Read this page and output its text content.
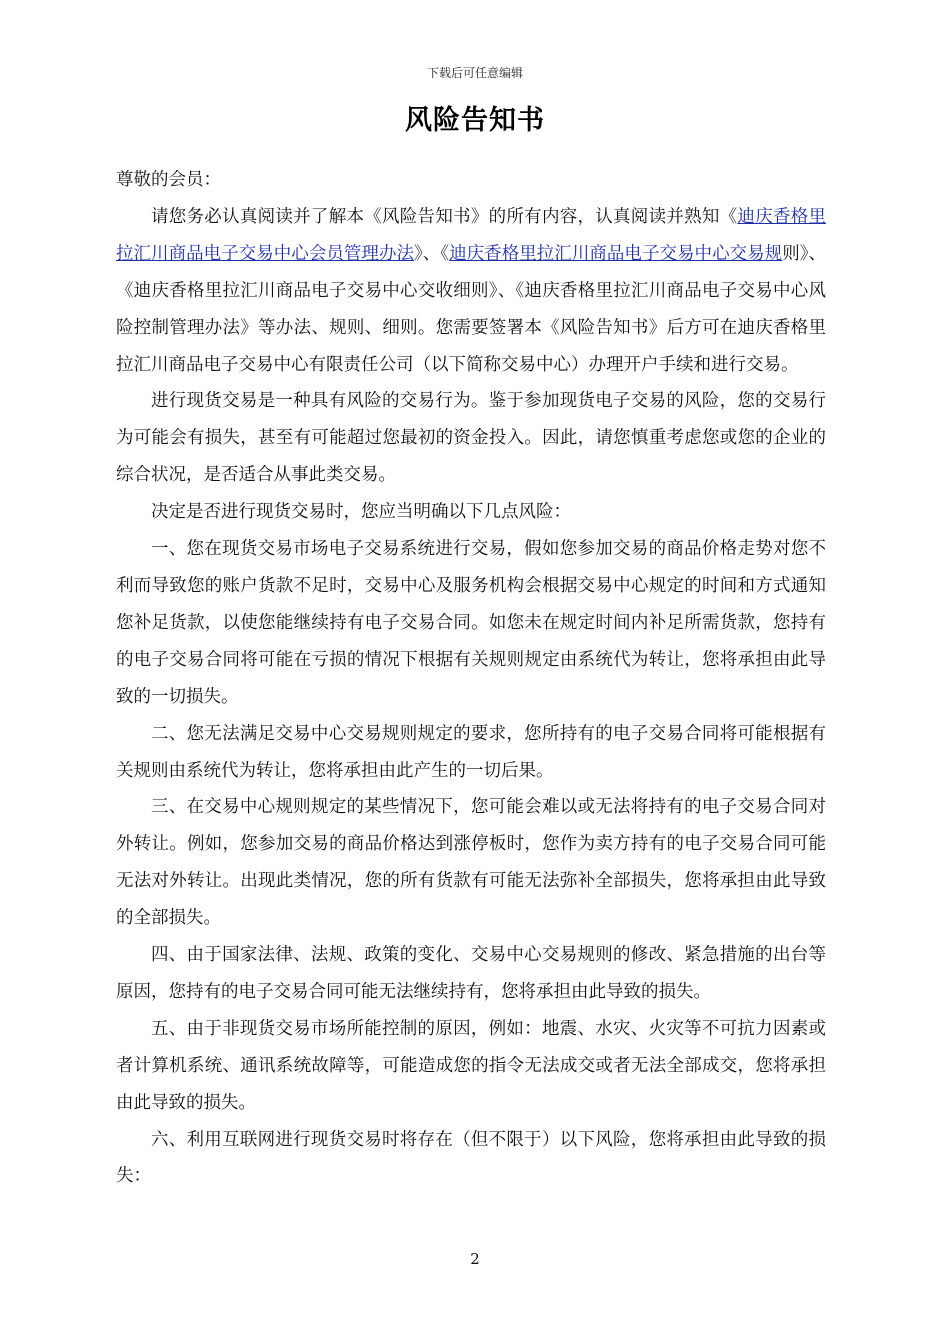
下载后可任意编辑
风险告知书

尊敬的会员：

请您务必认真阅读并了解本《风险告知书》的所有内容，认真阅读并熟知《迪庆香格里拉汇川商品电子交易中心会员管理办法》、《迪庆香格里拉汇川商品电子交易中心交易规则》、《迪庆香格里拉汇川商品电子交易中心交收细则》、《迪庆香格里拉汇川商品电子交易中心风险控制管理办法》等办法、规则、细则。您需要签署本《风险告知书》后方可在迪庆香格里拉汇川商品电子交易中心有限责任公司（以下简称交易中心）办理开户手续和进行交易。

进行现货交易是一种具有风险的交易行为。鉴于参加现货电子交易的风险，您的交易行为可能会有损失，甚至有可能超过您最初的资金投入。因此，请您慎重考虑您或您的企业的综合状况，是否适合从事此类交易。

决定是否进行现货交易时，您应当明确以下几点风险：

一、您在现货交易市场电子交易系统进行交易，假如您参加交易的商品价格走势对您不利而导致您的账户货款不足时，交易中心及服务机构会根据交易中心规定的时间和方式通知您补足货款，以使您能继续持有电子交易合同。如您未在规定时间内补足所需货款，您持有的电子交易合同将可能在亏损的情况下根据有关规则规定由系统代为转让，您将承担由此导致的一切损失。

二、您无法满足交易中心交易规则规定的要求，您所持有的电子交易合同将可能根据有关规则由系统代为转让，您将承担由此产生的一切后果。

三、在交易中心规则规定的某些情况下，您可能会难以或无法将持有的电子交易合同对外转让。例如，您参加交易的商品价格达到涨停板时，您作为卖方持有的电子交易合同可能无法对外转让。出现此类情况，您的所有货款有可能无法弥补全部损失，您将承担由此导致的全部损失。

四、由于国家法律、法规、政策的变化、交易中心交易规则的修改、紧急措施的出台等原因，您持有的电子交易合同可能无法继续持有，您将承担由此导致的损失。

五、由于非现货交易市场所能控制的原因，例如：地震、水灾、火灾等不可抗力因素或者计算机系统、通讯系统故障等，可能造成您的指令无法成交或者无法全部成交，您将承担由此导致的损失。

六、利用互联网进行现货交易时将存在（但不限于）以下风险，您将承担由此导致的损失：

2
